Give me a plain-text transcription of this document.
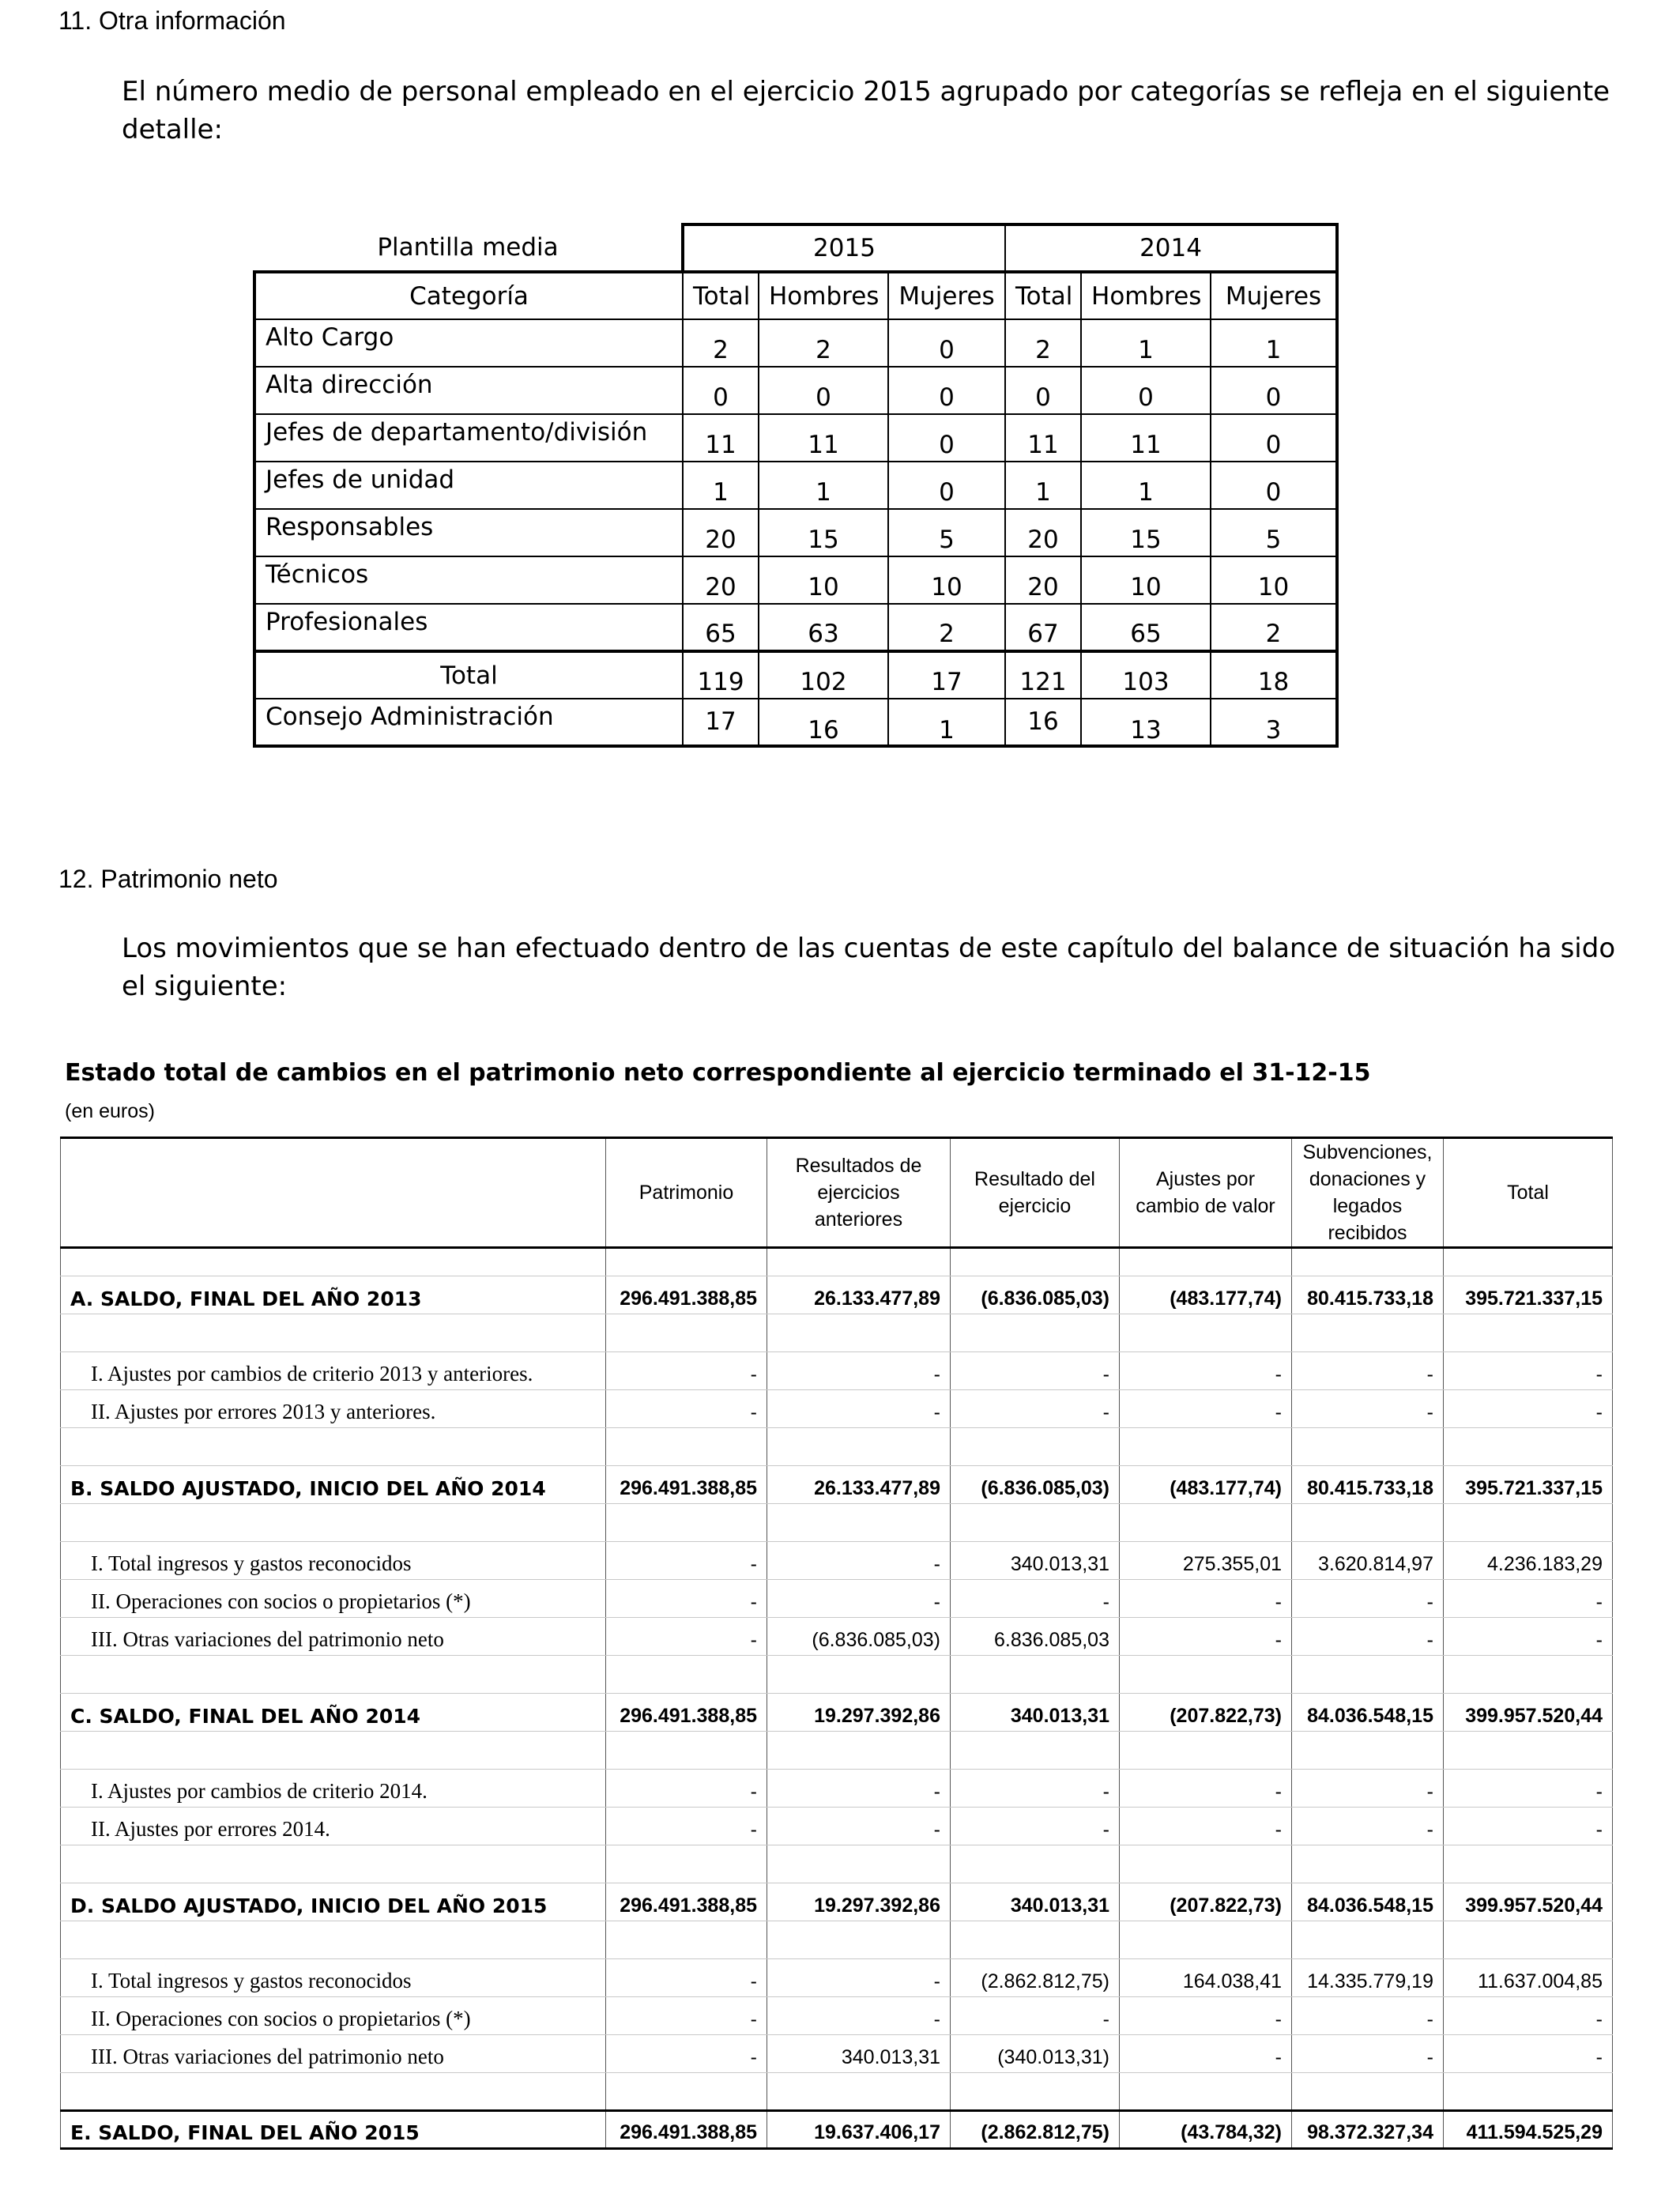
11. Otra información
El número medio de personal empleado en el ejercicio 2015 agrupado por categorías se refleja en el siguiente
detalle:
Plantilla media	2015			2014		
Categoría	Total	Hombres	Mujeres	Total	Hombres	Mujeres
Alto Cargo	2	2	0	2	1	1
Alta dirección	0	0	0	0	0	0
Jefes de departamento/división	11	11	0	11	11	0
Jefes de unidad	1	1	0	1	1	0
Responsables	20	15	5	20	15	5
Técnicos	20	10	10	20	10	10
Profesionales	65	63	2	67	65	2
Total	119	102	17	121	103	18
Consejo Administración	17	16	1	16	13	3
12. Patrimonio neto
Los movimientos que se han efectuado dentro de las cuentas de este capítulo del balance de situación ha sido
el siguiente:
Estado total de cambios en el patrimonio neto correspondiente al ejercicio terminado el 31-12-15
(en euros)
	Patrimonio	Resultados de ejercicios anteriores	Resultado del ejercicio	Ajustes por cambio de valor	Subvenciones, donaciones y legados recibidos	Total

A. SALDO, FINAL DEL AÑO 2013	296.491.388,85	26.133.477,89	(6.836.085,03)	(483.177,74)	80.415.733,18	395.721.337,15

I. Ajustes por cambios de criterio 2013 y anteriores.	-	-	-	-	-	-
II. Ajustes por errores 2013 y anteriores.	-	-	-	-	-	-

B. SALDO AJUSTADO, INICIO DEL AÑO 2014	296.491.388,85	26.133.477,89	(6.836.085,03)	(483.177,74)	80.415.733,18	395.721.337,15

I. Total ingresos y gastos reconocidos	-	-	340.013,31	275.355,01	3.620.814,97	4.236.183,29
II. Operaciones con socios o propietarios (*)	-	-	-	-	-	-
III. Otras variaciones del patrimonio neto	-	(6.836.085,03)	6.836.085,03	-	-	-

C. SALDO, FINAL DEL AÑO 2014	296.491.388,85	19.297.392,86	340.013,31	(207.822,73)	84.036.548,15	399.957.520,44

I. Ajustes por cambios de criterio 2014.	-	-	-	-	-	-
II. Ajustes por errores 2014.	-	-	-	-	-	-

D. SALDO AJUSTADO, INICIO DEL AÑO 2015	296.491.388,85	19.297.392,86	340.013,31	(207.822,73)	84.036.548,15	399.957.520,44

I. Total ingresos y gastos reconocidos	-	-	(2.862.812,75)	164.038,41	14.335.779,19	11.637.004,85
II. Operaciones con socios o propietarios (*)	-	-	-	-	-	-
III. Otras variaciones del patrimonio neto	-	340.013,31	(340.013,31)	-	-	-

E. SALDO, FINAL DEL AÑO 2015	296.491.388,85	19.637.406,17	(2.862.812,75)	(43.784,32)	98.372.327,34	411.594.525,29
